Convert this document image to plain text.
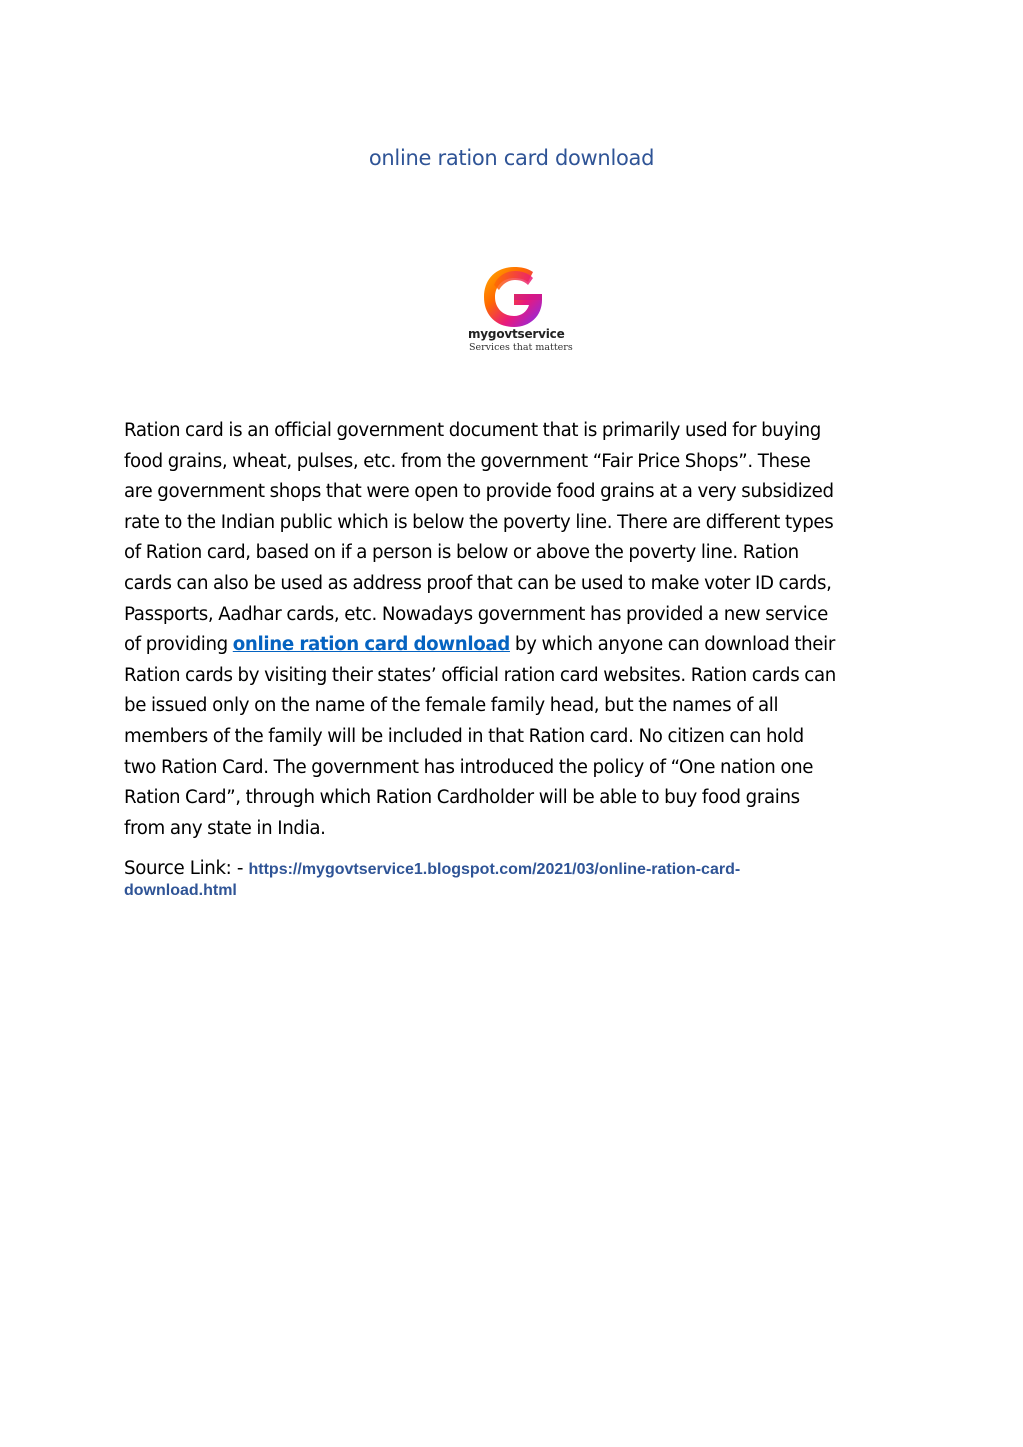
online ration card download
mygovtservice
Services that matters
Ration card is an official government document that is primarily used for buying
food grains, wheat, pulses, etc. from the government “Fair Price Shops”. These
are government shops that were open to provide food grains at a very subsidized
rate to the Indian public which is below the poverty line. There are different types
of Ration card, based on if a person is below or above the poverty line. Ration
cards can also be used as address proof that can be used to make voter ID cards,
Passports, Aadhar cards, etc. Nowadays government has provided a new service
of providing online ration card download by which anyone can download their
Ration cards by visiting their states’ official ration card websites. Ration cards can
be issued only on the name of the female family head, but the names of all
members of the family will be included in that Ration card. No citizen can hold
two Ration Card. The government has introduced the policy of “One nation one
Ration Card”, through which Ration Cardholder will be able to buy food grains
from any state in India.
Source Link: - https://mygovtservice1.blogspot.com/2021/03/online-ration-card-
download.html
